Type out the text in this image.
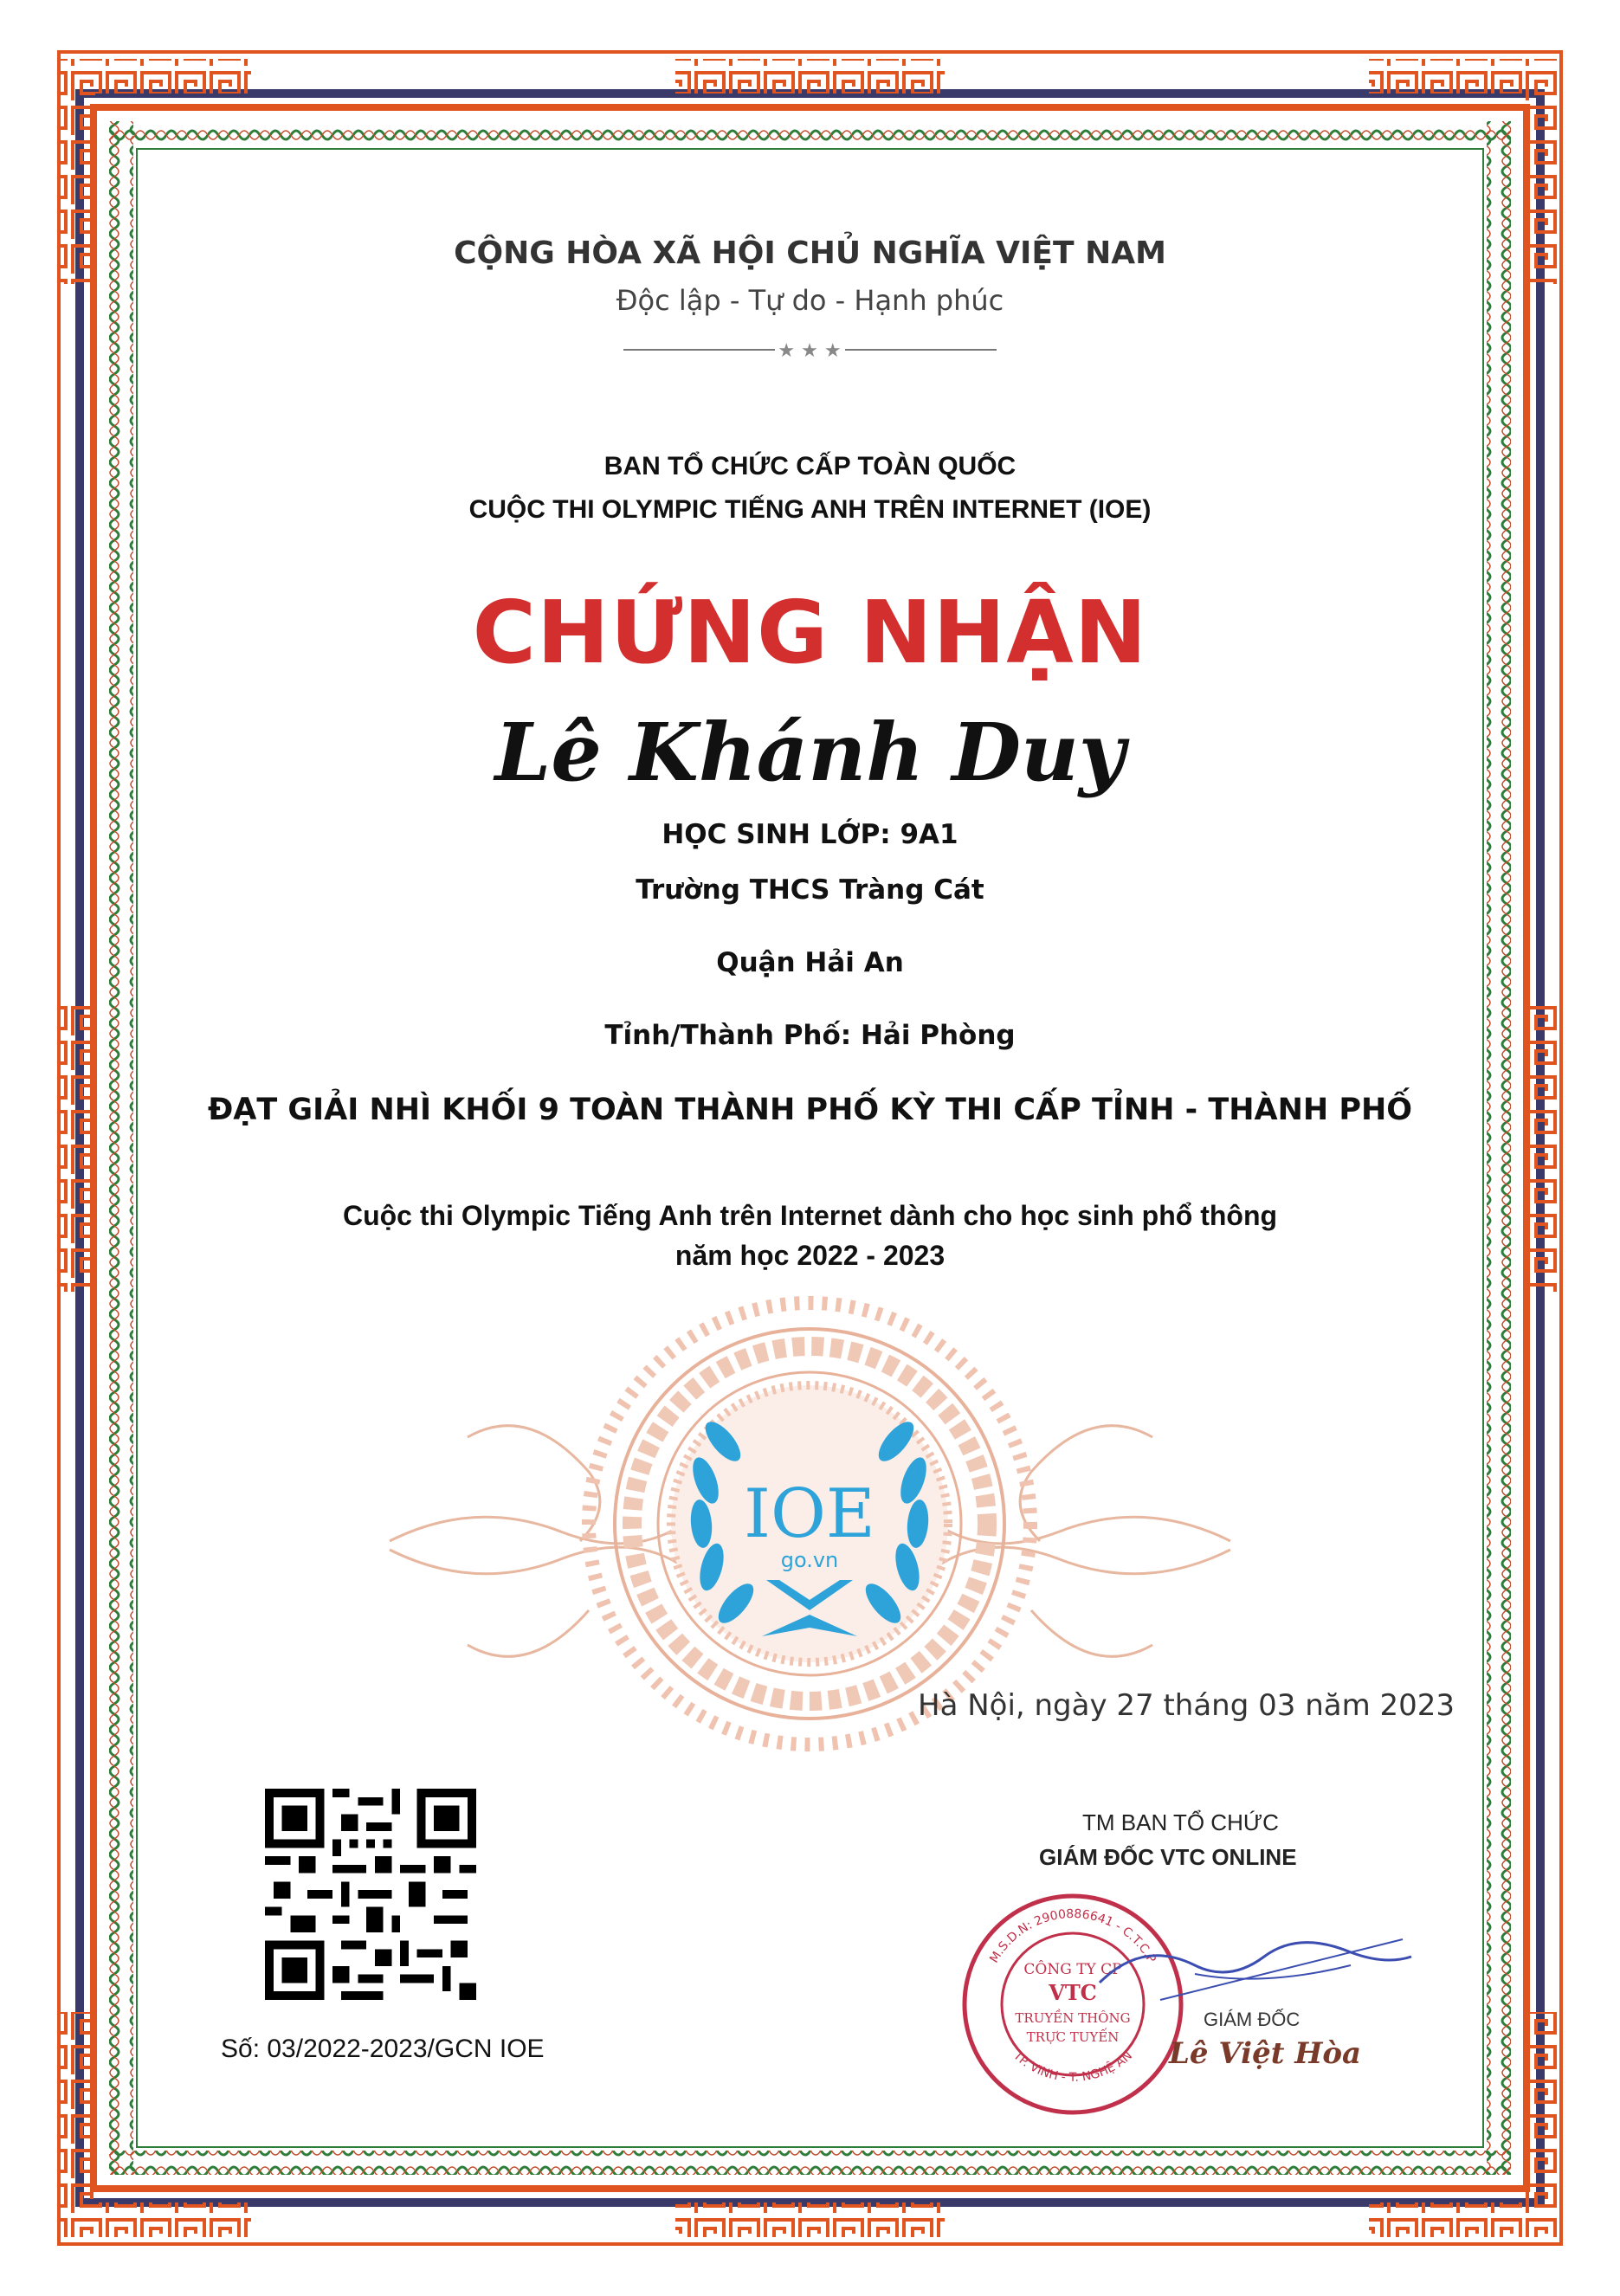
CỘNG HÒA XÃ HỘI CHỦ NGHĨA VIỆT NAM
Độc lập - Tự do - Hạnh phúc
★ ★ ★
BAN TỔ CHỨC CẤP TOÀN QUỐC
CUỘC THI OLYMPIC TIẾNG ANH TRÊN INTERNET (IOE)
CHỨNG NHẬN
Lê Khánh Duy
HỌC SINH LỚP: 9A1
Trường THCS Tràng Cát
Quận Hải An
Tỉnh/Thành Phố: Hải Phòng
ĐẠT GIẢI NHÌ KHỐI 9 TOÀN THÀNH PHỐ KỲ THI CẤP TỈNH - THÀNH PHỐ
Cuộc thi Olympic Tiếng Anh trên Internet dành cho học sinh phổ thông
năm học 2022 - 2023
IOE
go.vn
Hà Nội, ngày 27 tháng 03 năm 2023
Số: 03/2022-2023/GCN IOE
TM BAN TỔ CHỨC
GIÁM ĐỐC VTC ONLINE
CÔNG TY CP
VTC
TRUYỀN THÔNG
TRỰC TUYẾN
M.S.D.N: 2900886641 - C.T.C.P
TP. VINH - T. NGHỆ AN
GIÁM ĐỐC
Lê Việt Hòa
